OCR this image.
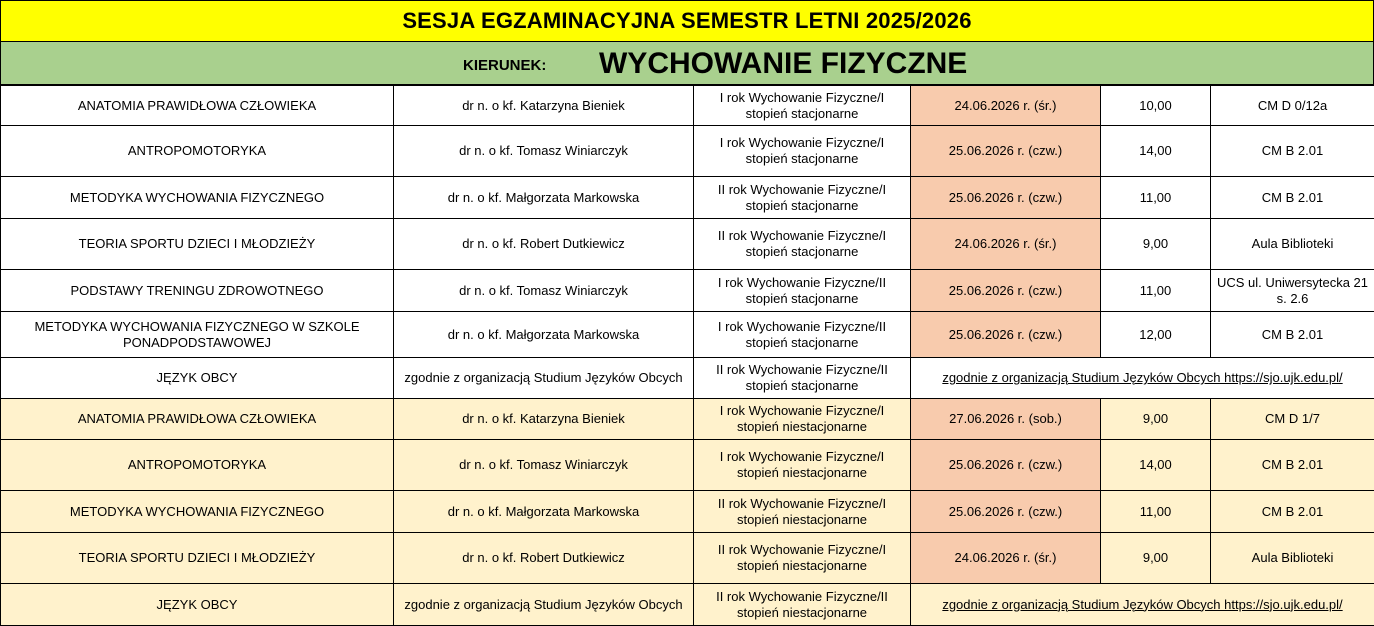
SESJA EGZAMINACYJNA SEMESTR LETNI 2025/2026
KIERUNEK: WYCHOWANIE FIZYCZNE
ANATOMIA PRAWIDŁOWA CZŁOWIEKA	dr n. o kf. Katarzyna Bieniek	I rok Wychowanie Fizyczne/I stopień stacjonarne	24.06.2026 r. (śr.)	10,00	CM D 0/12a
ANTROPOMOTORYKA	dr n. o kf. Tomasz Winiarczyk	I rok Wychowanie Fizyczne/I stopień stacjonarne	25.06.2026 r. (czw.)	14,00	CM B 2.01
METODYKA WYCHOWANIA FIZYCZNEGO	dr n. o kf. Małgorzata Markowska	II rok Wychowanie Fizyczne/I stopień stacjonarne	25.06.2026 r. (czw.)	11,00	CM B 2.01
TEORIA SPORTU DZIECI I MŁODZIEŻY	dr n. o kf. Robert Dutkiewicz	II rok Wychowanie Fizyczne/I stopień stacjonarne	24.06.2026 r. (śr.)	9,00	Aula Biblioteki
PODSTAWY TRENINGU ZDROWOTNEGO	dr n. o kf. Tomasz Winiarczyk	I rok Wychowanie Fizyczne/II stopień stacjonarne	25.06.2026 r. (czw.)	11,00	UCS ul. Uniwersytecka 21 s. 2.6
METODYKA WYCHOWANIA FIZYCZNEGO W SZKOLE PONADPODSTAWOWEJ	dr n. o kf. Małgorzata Markowska	I rok Wychowanie Fizyczne/II stopień stacjonarne	25.06.2026 r. (czw.)	12,00	CM B 2.01
JĘZYK OBCY	zgodnie z organizacją Studium Języków Obcych	II rok Wychowanie Fizyczne/II stopień stacjonarne	zgodnie z organizacją Studium Języków Obcych https://sjo.ujk.edu.pl/		
ANATOMIA PRAWIDŁOWA CZŁOWIEKA	dr n. o kf. Katarzyna Bieniek	I rok Wychowanie Fizyczne/I stopień niestacjonarne	27.06.2026 r. (sob.)	9,00	CM D 1/7
ANTROPOMOTORYKA	dr n. o kf. Tomasz Winiarczyk	I rok Wychowanie Fizyczne/I stopień niestacjonarne	25.06.2026 r. (czw.)	14,00	CM B 2.01
METODYKA WYCHOWANIA FIZYCZNEGO	dr n. o kf. Małgorzata Markowska	II rok Wychowanie Fizyczne/I stopień niestacjonarne	25.06.2026 r. (czw.)	11,00	CM B 2.01
TEORIA SPORTU DZIECI I MŁODZIEŻY	dr n. o kf. Robert Dutkiewicz	II rok Wychowanie Fizyczne/I stopień niestacjonarne	24.06.2026 r. (śr.)	9,00	Aula Biblioteki
JĘZYK OBCY	zgodnie z organizacją Studium Języków Obcych	II rok Wychowanie Fizyczne/II stopień niestacjonarne	zgodnie z organizacją Studium Języków Obcych https://sjo.ujk.edu.pl/		
